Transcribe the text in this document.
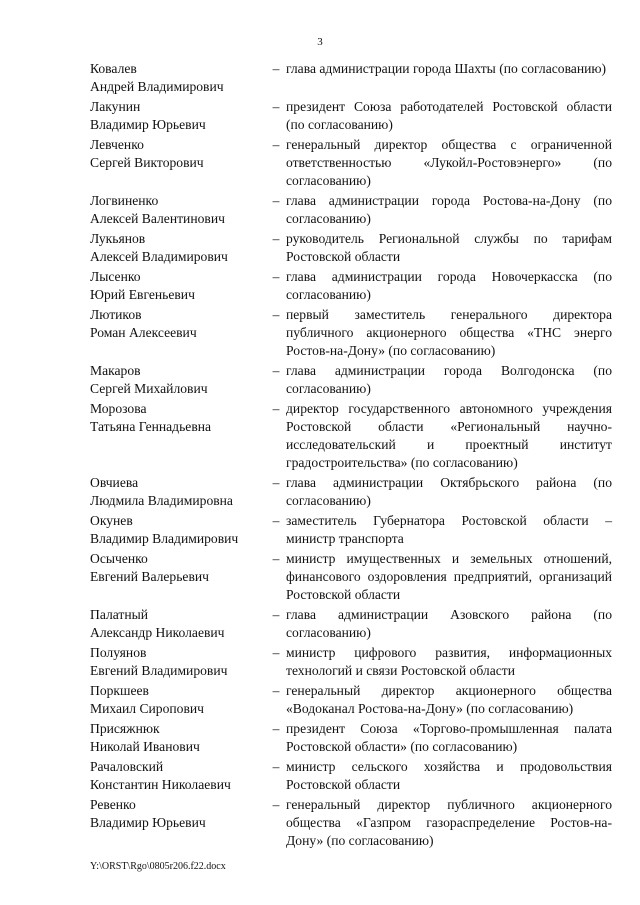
3
Ковалев
Андрей Владимирович
– глава администрации города Шахты (по согласованию)
Лакунин
Владимир Юрьевич
– президент Союза работодателей Ростовской области (по согласованию)
Левченко
Сергей Викторович
– генеральный директор общества с ограниченной ответственностью «Лукойл-Ростовэнерго» (по согласованию)
Логвиненко
Алексей Валентинович
– глава администрации города Ростова-на-Дону (по согласованию)
Лукьянов
Алексей Владимирович
– руководитель Региональной службы по тарифам Ростовской области
Лысенко
Юрий Евгеньевич
– глава администрации города Новочеркасска (по согласованию)
Лютиков
Роман Алексеевич
– первый заместитель генерального директора публичного акционерного общества «ТНС энерго Ростов-на-Дону» (по согласованию)
Макаров
Сергей Михайлович
– глава администрации города Волгодонска (по согласованию)
Морозова
Татьяна Геннадьевна
– директор государственного автономного учреждения Ростовской области «Региональный научно-исследовательский и проектный институт градостроительства» (по согласованию)
Овчиева
Людмила Владимировна
– глава администрации Октябрьского района (по согласованию)
Окунев
Владимир Владимирович
– заместитель Губернатора Ростовской области – министр транспорта
Осыченко
Евгений Валерьевич
– министр имущественных и земельных отношений, финансового оздоровления предприятий, организаций Ростовской области
Палатный
Александр Николаевич
– глава администрации Азовского района (по согласованию)
Полуянов
Евгений Владимирович
– министр цифрового развития, информационных технологий и связи Ростовской области
Поркшеев
Михаил Сиропович
– генеральный директор акционерного общества «Водоканал Ростова-на-Дону» (по согласованию)
Присяжнюк
Николай Иванович
– президент Союза «Торгово-промышленная палата Ростовской области» (по согласованию)
Рачаловский
Константин Николаевич
– министр сельского хозяйства и продовольствия Ростовской области
Ревенко
Владимир Юрьевич
– генеральный директор публичного акционерного общества «Газпром газораспределение Ростов-на-Дону» (по согласованию)
Y:\ORST\Rgo\0805r206.f22.docx
